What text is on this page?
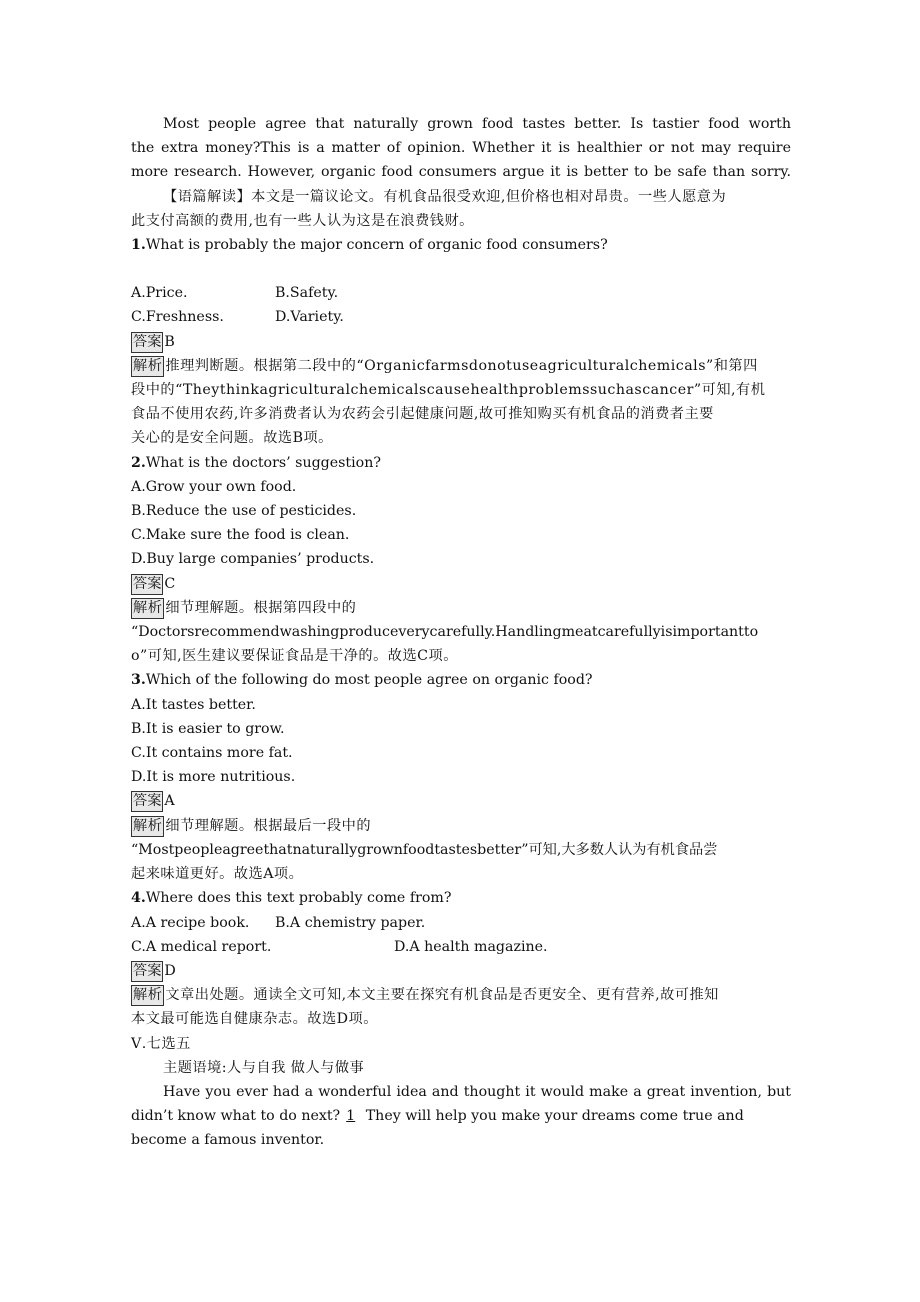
Most people agree that naturally grown food tastes better. Is tastier food worth
the extra money?This is a matter of opinion. Whether it is healthier or not may require
more research. However, organic food consumers argue it is better to be safe than sorry.
【语篇解读】本文是一篇议论文。有机食品很受欢迎,但价格也相对昂贵。一些人愿意为
此支付高额的费用,也有一些人认为这是在浪费钱财。
1.What is probably the major concern of organic food consumers?
A.Price.	B.Safety.
C.Freshness.	D.Variety.
答案 B
解析 推理判断题。根据第二段中的“Organicfarmsdonotuseagriculturalchemicals”和第四
段中的“Theythinkagriculturalchemicalscausehealthproblemssuchascancer”可知,有机
食品不使用农药,许多消费者认为农药会引起健康问题,故可推知购买有机食品的消费者主要
关心的是安全问题。故选B项。
2.What is the doctors’ suggestion?
A.Grow your own food.
B.Reduce the use of pesticides.
C.Make sure the food is clean.
D.Buy large companies’ products.
答案 C
解析 细节理解题。根据第四段中的
“Doctorsrecommendwashingproduceverycarefully.Handlingmeatcarefullyisimportantto
o”可知,医生建议要保证食品是干净的。故选C项。
3.Which of the following do most people agree on organic food?
A.It tastes better.
B.It is easier to grow.
C.It contains more fat.
D.It is more nutritious.
答案 A
解析 细节理解题。根据最后一段中的
“Mostpeopleagreethatnaturallygrownfoodtastesbetter”可知,大多数人认为有机食品尝
起来味道更好。故选A项。
4.Where does this text probably come from?
A.A recipe book. B.A chemistry paper.
C.A medical report.	D.A health magazine.
答案 D
解析 文章出处题。通读全文可知,本文主要在探究有机食品是否更安全、更有营养,故可推知
本文最可能选自健康杂志。故选D项。
Ⅴ.七选五
主题语境:人与自我 做人与做事
Have you ever had a wonderful idea and thought it would make a great invention, but
didn’t know what to do next? 1 They will help you make your dreams come true and
become a famous inventor.
